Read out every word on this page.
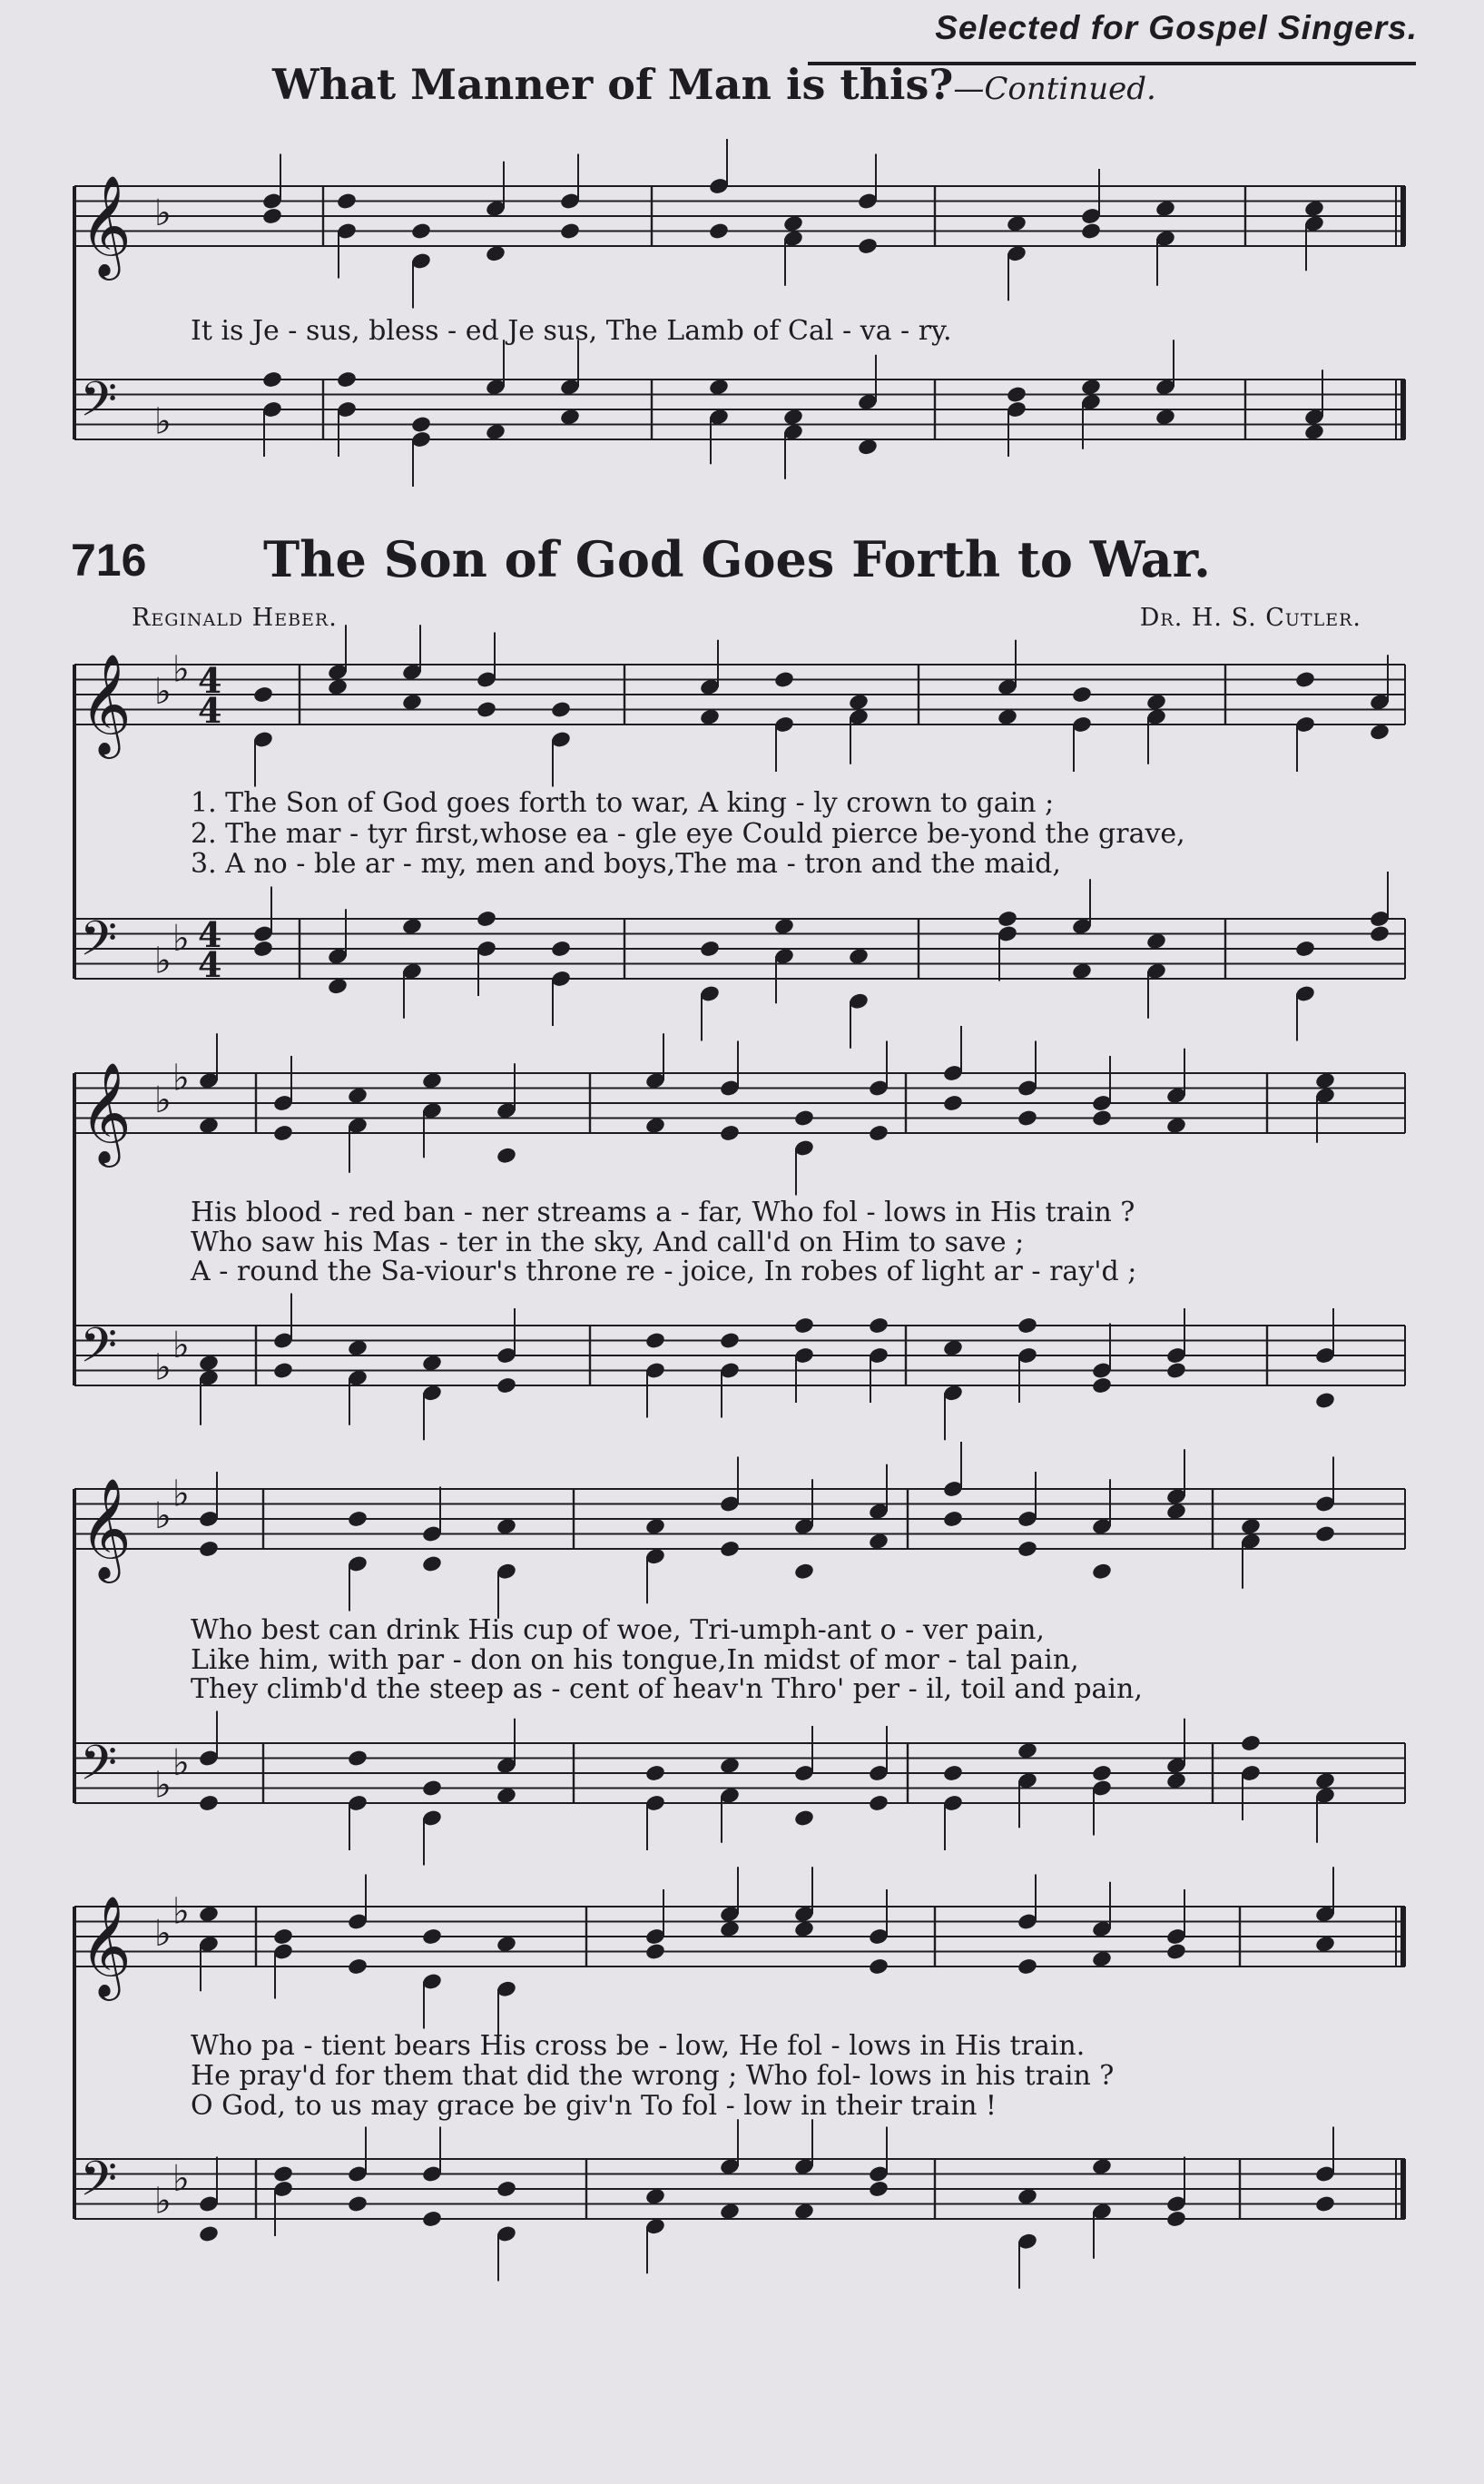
Selected for Gospel Singers.
What Manner of Man is this?—Continued.
It is Je - sus, bless - ed Je sus, The Lamb of Cal - va - ry.
716 The Son of God Goes Forth to War.
Reginald Heber.	Dr. H. S. Cutler.
1. The Son of God goes forth to war, A king - ly crown to gain ;
2. The mar - tyr first,whose ea - gle eye Could pierce be-yond the grave,
3. A no - ble ar - my, men and boys,The ma - tron and the maid,
His blood - red ban - ner streams a - far, Who fol - lows in His train ?
Who saw his Mas - ter in the sky, And call'd on Him to save ;
A - round the Sa-viour's throne re - joice, In robes of light ar - ray'd ;
Who best can drink His cup of woe, Tri-umph-ant o - ver pain,
Like him, with par - don on his tongue,In midst of mor - tal pain,
They climb'd the steep as - cent of heav'n Thro' per - il, toil and pain,
Who pa - tient bears His cross be - low, He fol - lows in His train.
He pray'd for them that did the wrong ; Who fol- lows in his train ?
O God, to us may grace be giv'n To fol - low in their train !
𝄞 ♭
𝄢 ♭
𝄞 ♭
♭ 4
4
𝄢 ♭
♭ 4
4
𝄞 ♭
♭
𝄢 ♭
♭
𝄞 ♭
♭
𝄢 ♭
♭
𝄞 ♭
♭
𝄢 ♭
♭
